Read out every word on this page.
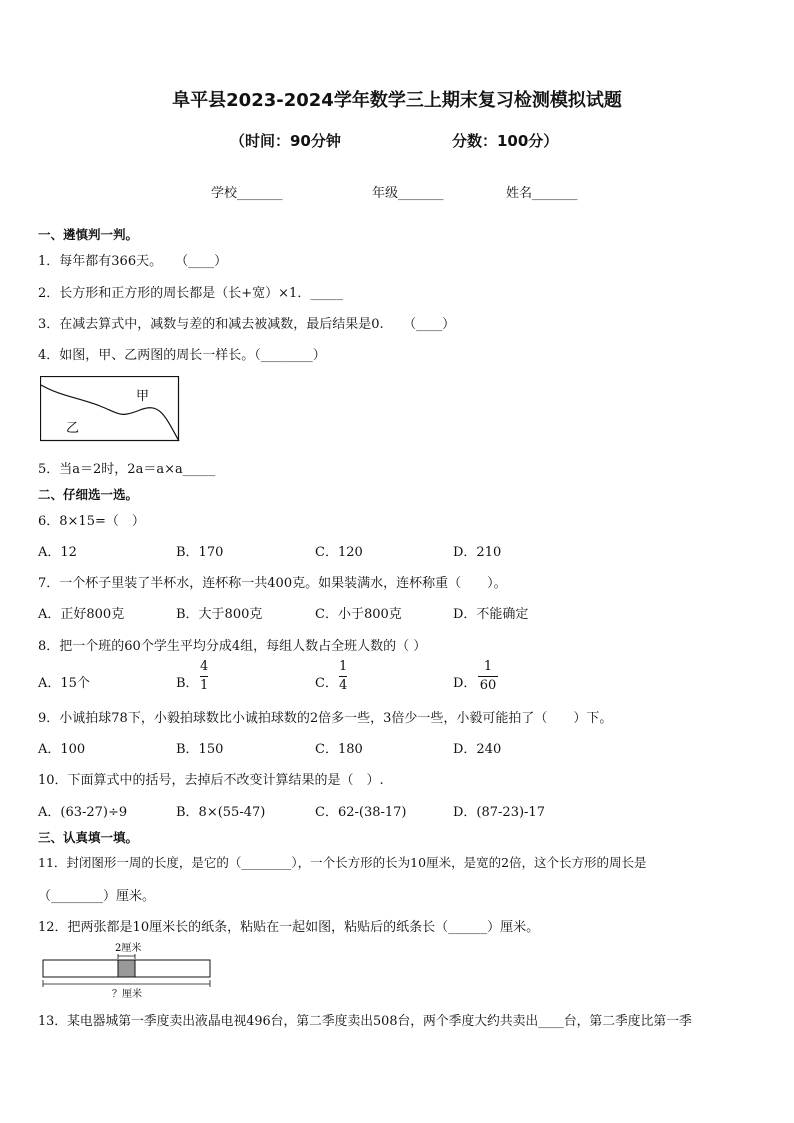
阜平县2023-2024学年数学三上期末复习检测模拟试题
（时间：90分钟	分数：100分）
学校_______	年级_______	姓名_______
一、遴慎判一判。
1．每年都有366天。　　（____）
2．长方形和正方形的周长都是（长+宽）×1．_____
3．在减去算式中，减数与差的和减去被减数，最后结果是0.　　（____）
4．如图，甲、乙两图的周长一样长。（________）
甲
乙
5．当a＝2时，2a＝a×a_____
二、仔细选一选。
6．8×15=（　）
A．12	B．170	C．120	D．210
7．一个杯子里装了半杯水，连杯称一共400克。如果装满水，连杯称重（　　）。
A．正好800克	B．大于800克	C．小于800克	D．不能确定
8．把一个班的60个学生平均分成4组，每组人数占全班人数的（ ）
A．15个	B．
4
1	C．
1
4	D．
1
60
9．小诚拍球78下，小毅拍球数比小诚拍球数的2倍多一些，3倍少一些，小毅可能拍了（　　）下。
A．100	B．150	C．180	D．240
10．下面算式中的括号，去掉后不改变计算结果的是（　）.
A．(63-27)÷9	B．8×(55-47)	C．62-(38-17)	D．(87-23)-17
三、认真填一填。
11．封闭图形一周的长度，是它的（________），一个长方形的长为10厘米，是宽的2倍，这个长方形的周长是
（________）厘米。
12．把两张都是10厘米长的纸条，粘贴在一起如图，粘贴后的纸条长（______）厘米。
2厘米
？厘米
13．某电器城第一季度卖出液晶电视496台，第二季度卖出508台，两个季度大约共卖出____台，第二季度比第一季
